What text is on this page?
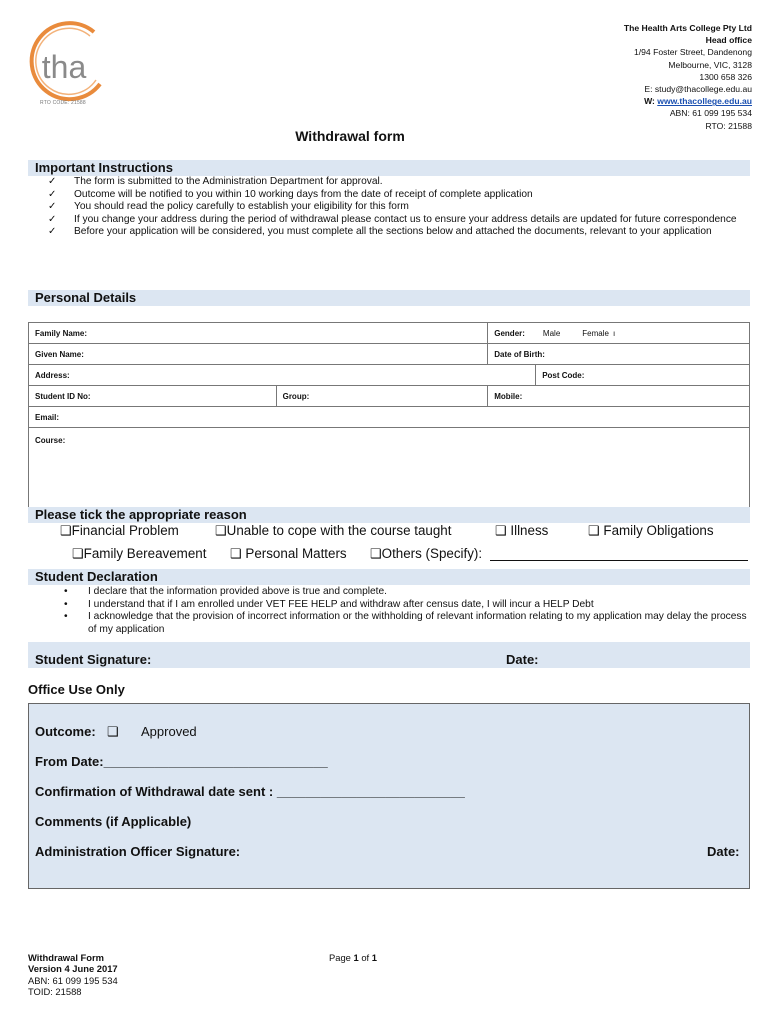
tha
RTO CODE: 21588
The Health Arts College Pty Ltd
Head office
1/94 Foster Street, Dandenong
Melbourne, VIC, 3128
1300 658 326
E: study@thacollege.edu.au
W: www.thacollege.edu.au
ABN: 61 099 195 534
RTO: 21588
Withdrawal form
Important Instructions
✓ The form is submitted to the Administration Department for approval.
✓ Outcome will be notified to you within 10 working days from the date of receipt of complete application
✓ You should read the policy carefully to establish your eligibility for this form
✓ If you change your address during the period of withdrawal please contact us to ensure your address details are updated for future correspondence
✓ Before your application will be considered, you must complete all the sections below and attached the documents, relevant to your application
Personal Details
Family Name:		Gender: Male Female ı	
Given Name:		Date of Birth:	
Address:			Post Code:
Student ID No:	Group:	Mobile:	
Email:			
Course:			
Please tick the appropriate reason
❑Financial Problem	❑Unable to cope with the course taught	❑ Illness	❑ Family Obligations
❑Family Bereavement ❑ Personal Matters ❑Others (Specify):
Student Declaration
• I declare that the information provided above is true and complete.
• I understand that if I am enrolled under VET FEE HELP and withdraw after census date, I will incur a HELP Debt
• I acknowledge that the provision of incorrect information or the withholding of relevant information relating to my application may delay the process of my application
Student Signature:	Date:
Office Use Only
Outcome: ❑ Approved
From Date:_______________________________
Confirmation of Withdrawal date sent : __________________________
Comments (if Applicable)
Administration Officer Signature:	Date:
Withdrawal Form
Version 4 June 2017
ABN: 61 099 195 534
TOID: 21588
Page 1 of 1
